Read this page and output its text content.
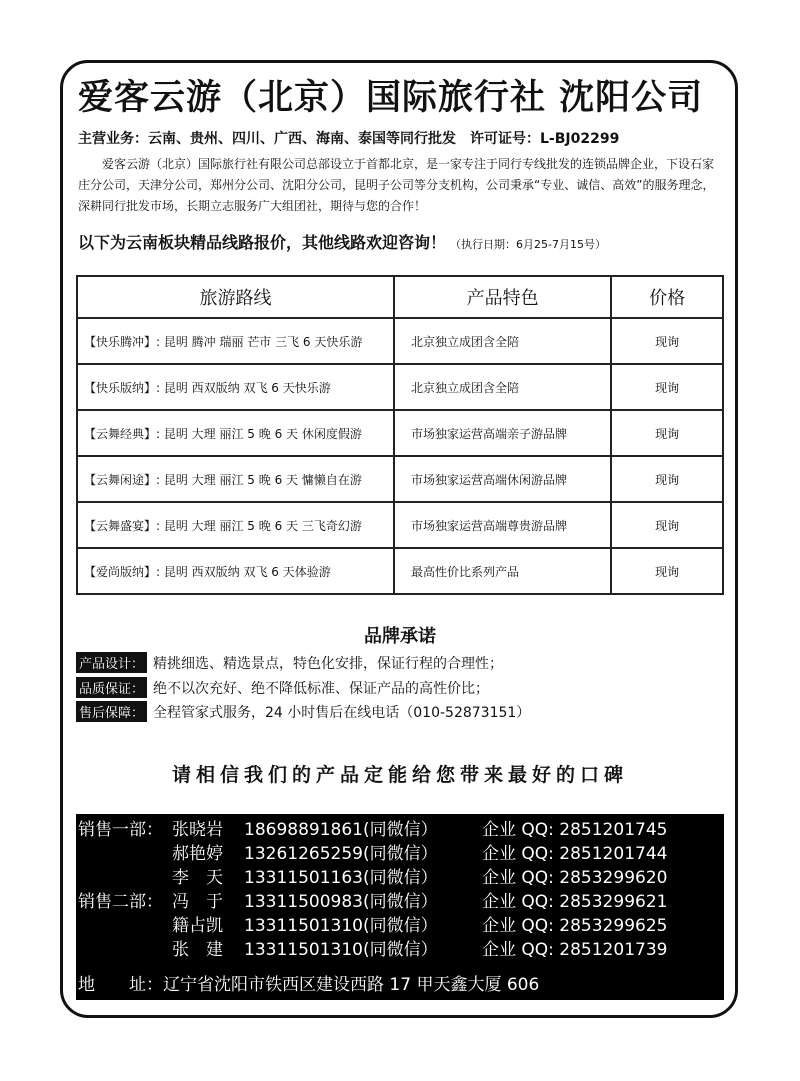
爱客云游（北京）国际旅行社 沈阳公司
主营业务：云南、贵州、四川、广西、海南、泰国等同行批发 许可证号：L-BJ02299
爱客云游（北京）国际旅行社有限公司总部设立于首都北京，是一家专注于同行专线批发的连锁品牌企业，下设石家庄分公司，天津分公司，郑州分公司、沈阳分公司，昆明子公司等分支机构，公司秉承“专业、诚信、高效”的服务理念，深耕同行批发市场，长期立志服务广大组团社，期待与您的合作！
以下为云南板块精品线路报价，其他线路欢迎咨询！ （执行日期：6月25-7月15号）
旅游路线	产品特色	价格
【快乐腾冲】: 昆明 腾冲 瑞丽 芒市 三飞 6 天快乐游	北京独立成团含全陪	现询
【快乐版纳】: 昆明 西双版纳 双飞 6 天快乐游	北京独立成团含全陪	现询
【云舞经典】: 昆明 大理 丽江 5 晚 6 天 休闲度假游	市场独家运营高端亲子游品牌	现询
【云舞闲途】: 昆明 大理 丽江 5 晚 6 天 慵懒自在游	市场独家运营高端休闲游品牌	现询
【云舞盛宴】: 昆明 大理 丽江 5 晚 6 天 三飞奇幻游	市场独家运营高端尊贵游品牌	现询
【爱尚版纳】: 昆明 西双版纳 双飞 6 天体验游	最高性价比系列产品	现询
品牌承诺
产品设计： 精挑细选、精选景点，特色化安排，保证行程的合理性；
品质保证： 绝不以次充好、绝不降低标准、保证产品的高性价比；
售后保障： 全程管家式服务，24 小时售后在线电话（010-52873151）
请相信我们的产品定能给您带来最好的口碑
销售一部： 张晓岩	18698891861(同微信）	企业 QQ: 2851201745
郝艳婷	13261265259(同微信）	企业 QQ: 2851201744
李　天	13311501163(同微信）	企业 QQ: 2853299620
销售二部： 冯　于	13311500983(同微信）	企业 QQ: 2853299621
籍占凯	13311501310(同微信）	企业 QQ: 2853299625
张　建	13311501310(同微信）	企业 QQ: 2851201739
地　　址：辽宁省沈阳市铁西区建设西路 17 甲天鑫大厦 606
